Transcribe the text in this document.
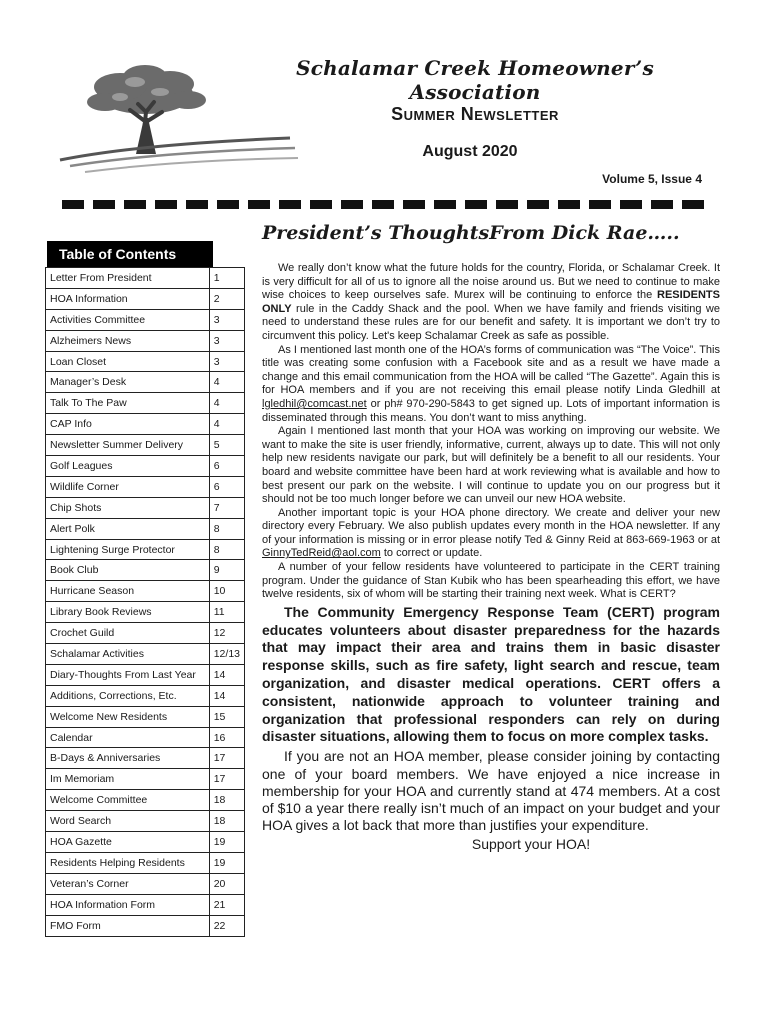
Schalamar Creek Homeowner’s Association
Summer Newsletter
August 2020
Volume 5, Issue 4
President’s ThoughtsFrom Dick Rae…..
Table of Contents
Letter From President	1
HOA Information	2
Activities Committee	3
Alzheimers News	3
Loan Closet	3
Manager’s Desk	4
Talk To The Paw	4
CAP Info	4
Newsletter Summer Delivery	5
Golf Leagues	6
Wildlife Corner	6
Chip Shots	7
Alert Polk	8
Lightening Surge Protector	8
Book Club	9
Hurricane Season	10
Library Book Reviews	11
Crochet Guild	12
Schalamar Activities	12/13
Diary-Thoughts From Last Year	14
Additions, Corrections, Etc.	14
Welcome New Residents	15
Calendar	16
B-Days & Anniversaries	17
Im Memoriam	17
Welcome Committee	18
Word Search	18
HOA Gazette	19
Residents Helping Residents	19
Veteran’s Corner	20
HOA Information Form	21
FMO Form	22

We really don’t know what the future holds for the country, Florida, or Schalamar Creek. It is very difficult for all of us to ignore all the noise around us. But we need to continue to make wise choices to keep ourselves safe. Murex will be continuing to enforce the RESIDENTS ONLY rule in the Caddy Shack and the pool. When we have family and friends visiting we need to understand these rules are for our benefit and safety. It is important we don’t try to circumvent this policy. Let's keep Schalamar Creek as safe as possible.

As I mentioned last month one of the HOA’s forms of communication was “The Voice”. This title was creating some confusion with a Facebook site and as a result we have made a change and this email communication from the HOA will be called “The Gazette”. Again this is for HOA members and if you are not receiving this email please notify Linda Gledhill at lgledhil@comcast.net or ph# 970-290-5843 to get signed up. Lots of important information is disseminated through this means. You don’t want to miss anything.

Again I mentioned last month that your HOA was working on improving our website. We want to make the site is user friendly, informative, current, always up to date. This will not only help new residents navigate our park, but will definitely be a benefit to all our residents. Your board and website committee have been hard at work reviewing what is available and how to best present our park on the website. I will continue to update you on our progress but it should not be too much longer before we can unveil our new HOA website.

Another important topic is your HOA phone directory. We create and deliver your new directory every February. We also publish updates every month in the HOA newsletter. If any of your information is missing or in error please notify Ted & Ginny Reid at 863-669-1963 or at GinnyTedReid@aol.com to correct or update.

A number of your fellow residents have volunteered to participate in the CERT training program. Under the guidance of Stan Kubik who has been spearheading this effort, we have twelve residents, six of whom will be starting their training next week. What is CERT?

The Community Emergency Response Team (CERT) program educates volunteers about disaster preparedness for the hazards that may impact their area and trains them in basic disaster response skills, such as fire safety, light search and rescue, team organization, and disaster medical operations. CERT offers a consistent, nationwide approach to volunteer training and organization that professional responders can rely on during disaster situations, allowing them to focus on more complex tasks.

If you are not an HOA member, please consider joining by contacting one of your board members. We have enjoyed a nice increase in membership for your HOA and currently stand at 474 members. At a cost of $10 a year there really isn’t much of an impact on your budget and your HOA gives a lot back that more than justifies your expenditure.

Support your HOA!
